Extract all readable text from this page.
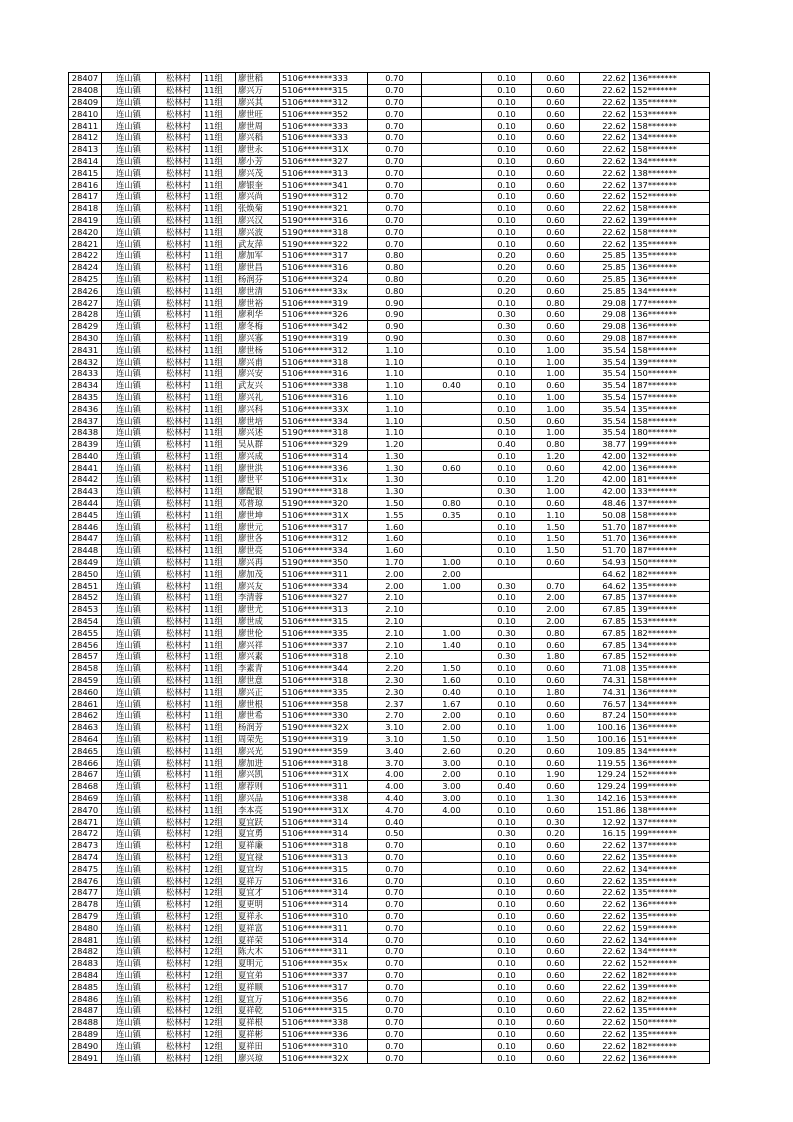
28407	连山镇	松林村	11组	廖世稻	5106*******333	0.70		0.10	0.60	22.62	136*******
28408	连山镇	松林村	11组	廖兴万	5106*******315	0.70		0.10	0.60	22.62	152*******
28409	连山镇	松林村	11组	廖兴其	5106*******312	0.70		0.10	0.60	22.62	135*******
28410	连山镇	松林村	11组	廖世旺	5106*******352	0.70		0.10	0.60	22.62	153*******
28411	连山镇	松林村	11组	廖世周	5106*******333	0.70		0.10	0.60	22.62	158*******
28412	连山镇	松林村	11组	廖兴稻	5106*******333	0.70		0.10	0.60	22.62	134*******
28413	连山镇	松林村	11组	廖世永	5106*******31X	0.70		0.10	0.60	22.62	158*******
28414	连山镇	松林村	11组	廖小芳	5106*******327	0.70		0.10	0.60	22.62	134*******
28415	连山镇	松林村	11组	廖兴茂	5106*******313	0.70		0.10	0.60	22.62	138*******
28416	连山镇	松林村	11组	廖银奎	5106*******341	0.70		0.10	0.60	22.62	137*******
28417	连山镇	松林村	11组	廖兴尚	5190*******312	0.70		0.10	0.60	22.62	152*******
28418	连山镇	松林村	11组	张焕菊	5190*******321	0.70		0.10	0.60	22.62	158*******
28419	连山镇	松林村	11组	廖兴汉	5190*******316	0.70		0.10	0.60	22.62	139*******
28420	连山镇	松林村	11组	廖兴波	5190*******318	0.70		0.10	0.60	22.62	158*******
28421	连山镇	松林村	11组	武友萍	5190*******322	0.70		0.10	0.60	22.62	135*******
28422	连山镇	松林村	11组	廖加军	5106*******317	0.80		0.20	0.60	25.85	135*******
28424	连山镇	松林村	11组	廖世昌	5106*******316	0.80		0.20	0.60	25.85	136*******
28425	连山镇	松林村	11组	杨润芬	5106*******324	0.80		0.20	0.60	25.85	136*******
28426	连山镇	松林村	11组	廖世清	5106*******33x	0.80		0.20	0.60	25.85	134*******
28427	连山镇	松林村	11组	廖世裕	5106*******319	0.90		0.10	0.80	29.08	177*******
28428	连山镇	松林村	11组	廖利华	5106*******326	0.90		0.30	0.60	29.08	136*******
28429	连山镇	松林村	11组	廖冬梅	5106*******342	0.90		0.30	0.60	29.08	136*******
28430	连山镇	松林村	11组	廖兴寡	5190*******319	0.90		0.30	0.60	29.08	187*******
28431	连山镇	松林村	11组	廖世杨	5106*******312	1.10		0.10	1.00	35.54	158*******
28432	连山镇	松林村	11组	廖兴甫	5106*******318	1.10		0.10	1.00	35.54	139*******
28433	连山镇	松林村	11组	廖兴安	5106*******316	1.10		0.10	1.00	35.54	150*******
28434	连山镇	松林村	11组	武友兴	5106*******338	1.10	0.40	0.10	0.60	35.54	187*******
28435	连山镇	松林村	11组	廖兴礼	5106*******316	1.10		0.10	1.00	35.54	157*******
28436	连山镇	松林村	11组	廖兴科	5106*******33X	1.10		0.10	1.00	35.54	135*******
28437	连山镇	松林村	11组	廖世培	5106*******334	1.10		0.50	0.60	35.54	158*******
28438	连山镇	松林村	11组	廖兴述	5190*******318	1.10		0.10	1.00	35.54	180*******
28439	连山镇	松林村	11组	吴从群	5106*******329	1.20		0.40	0.80	38.77	199*******
28440	连山镇	松林村	11组	廖兴成	5106*******314	1.30		0.10	1.20	42.00	132*******
28441	连山镇	松林村	11组	廖世洪	5106*******336	1.30	0.60	0.10	0.60	42.00	136*******
28442	连山镇	松林村	11组	廖世平	5106*******31x	1.30		0.10	1.20	42.00	181*******
28443	连山镇	松林村	11组	廖配银	5190*******318	1.30		0.30	1.00	42.00	133*******
28444	连山镇	松林村	11组	邓普琼	5190*******320	1.50	0.80	0.10	0.60	48.46	137*******
28445	连山镇	松林村	11组	廖世坤	5106*******31X	1.55	0.35	0.10	1.10	50.08	158*******
28446	连山镇	松林村	11组	廖世元	5106*******317	1.60		0.10	1.50	51.70	187*******
28447	连山镇	松林村	11组	廖世各	5106*******312	1.60		0.10	1.50	51.70	136*******
28448	连山镇	松林村	11组	廖世亮	5106*******334	1.60		0.10	1.50	51.70	187*******
28449	连山镇	松林村	11组	廖兴再	5190*******350	1.70	1.00	0.10	0.60	54.93	150*******
28450	连山镇	松林村	11组	廖加茂	5106*******311	2.00	2.00			64.62	182*******
28451	连山镇	松林村	11组	廖兴友	5106*******334	2.00	1.00	0.30	0.70	64.62	135*******
28452	连山镇	松林村	11组	李清蓉	5106*******327	2.10		0.10	2.00	67.85	137*******
28453	连山镇	松林村	11组	廖世尤	5106*******313	2.10		0.10	2.00	67.85	139*******
28454	连山镇	松林村	11组	廖世成	5106*******315	2.10		0.10	2.00	67.85	153*******
28455	连山镇	松林村	11组	廖世伦	5106*******335	2.10	1.00	0.30	0.80	67.85	182*******
28456	连山镇	松林村	11组	廖兴祥	5106*******337	2.10	1.40	0.10	0.60	67.85	134*******
28457	连山镇	松林村	11组	廖兴素	5106*******318	2.10		0.30	1.80	67.85	152*******
28458	连山镇	松林村	11组	李素青	5106*******344	2.20	1.50	0.10	0.60	71.08	135*******
28459	连山镇	松林村	11组	廖世意	5106*******318	2.30	1.60	0.10	0.60	74.31	158*******
28460	连山镇	松林村	11组	廖兴正	5106*******335	2.30	0.40	0.10	1.80	74.31	136*******
28461	连山镇	松林村	11组	廖世根	5106*******358	2.37	1.67	0.10	0.60	76.57	134*******
28462	连山镇	松林村	11组	廖世希	5106*******330	2.70	2.00	0.10	0.60	87.24	150*******
28463	连山镇	松林村	11组	杨润芳	5190*******32X	3.10	2.00	0.10	1.00	100.16	136*******
28464	连山镇	松林村	11组	周荣先	5190*******319	3.10	1.50	0.10	1.50	100.16	151*******
28465	连山镇	松林村	11组	廖兴光	5190*******359	3.40	2.60	0.20	0.60	109.85	134*******
28466	连山镇	松林村	11组	廖加进	5106*******318	3.70	3.00	0.10	0.60	119.55	136*******
28467	连山镇	松林村	11组	廖兴凯	5106*******31X	4.00	2.00	0.10	1.90	129.24	152*******
28468	连山镇	松林村	11组	廖荐则	5106*******311	4.00	3.00	0.40	0.60	129.24	199*******
28469	连山镇	松林村	11组	廖兴品	5106*******338	4.40	3.00	0.10	1.30	142.16	153*******
28470	连山镇	松林村	11组	李本亮	5190*******31X	4.70	4.00	0.10	0.60	151.86	138*******
28471	连山镇	松林村	12组	夏宜跃	5106*******314	0.40		0.10	0.30	12.92	137*******
28472	连山镇	松林村	12组	夏宜勇	5106*******314	0.50		0.30	0.20	16.15	199*******
28473	连山镇	松林村	12组	夏祥廉	5106*******318	0.70		0.10	0.60	22.62	137*******
28474	连山镇	松林村	12组	夏宜禄	5106*******313	0.70		0.10	0.60	22.62	135*******
28475	连山镇	松林村	12组	夏宜均	5106*******315	0.70		0.10	0.60	22.62	134*******
28476	连山镇	松林村	12组	夏祥万	5106*******316	0.70		0.10	0.60	22.62	135*******
28477	连山镇	松林村	12组	夏宜才	5106*******314	0.70		0.10	0.60	22.62	135*******
28478	连山镇	松林村	12组	夏更明	5106*******314	0.70		0.10	0.60	22.62	136*******
28479	连山镇	松林村	12组	夏祥永	5106*******310	0.70		0.10	0.60	22.62	135*******
28480	连山镇	松林村	12组	夏祥富	5106*******311	0.70		0.10	0.60	22.62	159*******
28481	连山镇	松林村	12组	夏祥荣	5106*******314	0.70		0.10	0.60	22.62	134*******
28482	连山镇	松林村	12组	陈大木	5106*******311	0.70		0.10	0.60	22.62	134*******
28483	连山镇	松林村	12组	夏明元	5106*******35x	0.70		0.10	0.60	22.62	152*******
28484	连山镇	松林村	12组	夏宜弟	5106*******337	0.70		0.10	0.60	22.62	182*******
28485	连山镇	松林村	12组	夏祥顺	5106*******317	0.70		0.10	0.60	22.62	139*******
28486	连山镇	松林村	12组	夏宜万	5106*******356	0.70		0.10	0.60	22.62	182*******
28487	连山镇	松林村	12组	夏祥乾	5106*******315	0.70		0.10	0.60	22.62	135*******
28488	连山镇	松林村	12组	夏祥根	5106*******338	0.70		0.10	0.60	22.62	150*******
28489	连山镇	松林村	12组	夏祥彬	5106*******336	0.70		0.10	0.60	22.62	135*******
28490	连山镇	松林村	12组	夏祥田	5106*******310	0.70		0.10	0.60	22.62	182*******
28491	连山镇	松林村	12组	廖兴琼	5106*******32X	0.70		0.10	0.60	22.62	136*******
